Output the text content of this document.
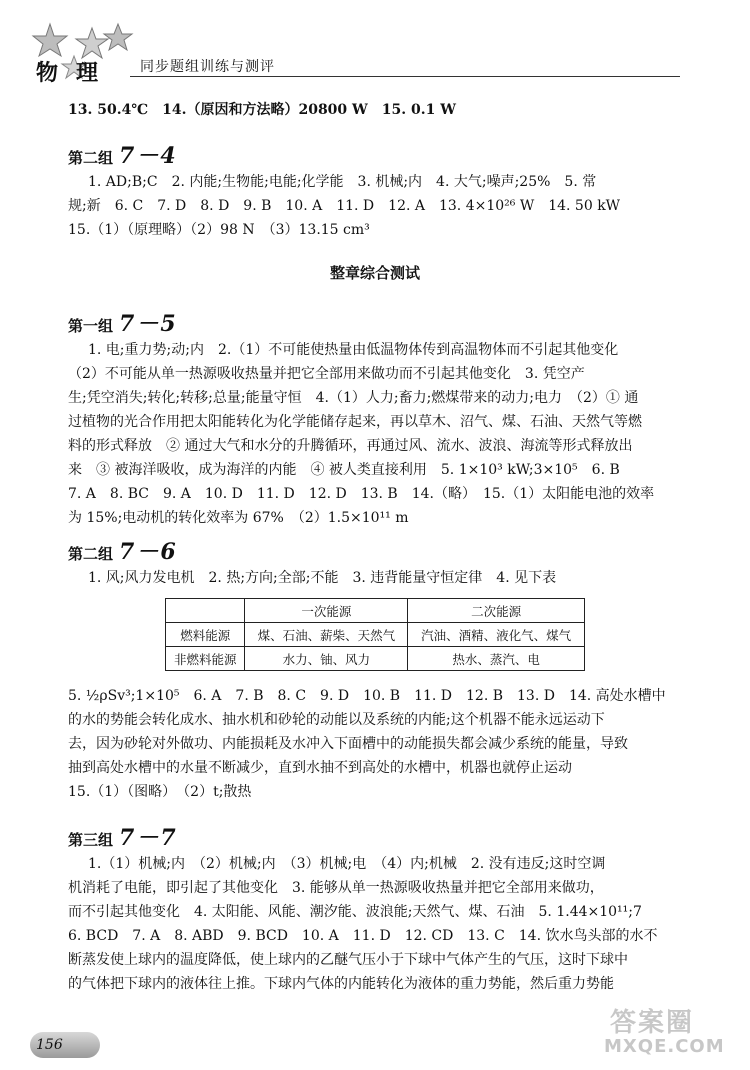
物理 同步题组训练与测评

13. 50.4℃　14.（原因和方法略）20800 W　15. 0.1 W

第二组 7－4

1. AD;B;C　2. 内能;生物能;电能;化学能　3. 机械;内　4. 大气;噪声;25%　5. 常

规;新　6. C　7. D　8. D　9. B　10. A　11. D　12. A　13. 4×10²⁶ W　14. 50 kW

15.（1）（原理略）（2）98 N　（3）13.15 cm³

整章综合测试

第一组 7－5

1. 电;重力势;动;内　2.（1）不可能使热量由低温物体传到高温物体而不引起其他变化

（2）不可能从单一热源吸收热量并把它全部用来做功而不引起其他变化　3. 凭空产

生;凭空消失;转化;转移;总量;能量守恒　4.（1）人力;畜力;燃煤带来的动力;电力　（2）① 通

过植物的光合作用把太阳能转化为化学能储存起来，再以草木、沼气、煤、石油、天然气等燃

料的形式释放　② 通过大气和水分的升腾循环，再通过风、流水、波浪、海流等形式释放出

来　③ 被海洋吸收，成为海洋的内能　④ 被人类直接利用　5. 1×10³ kW;3×10⁵　6. B

7. A　8. BC　9. A　10. D　11. D　12. D　13. B　14.（略）　15.（1）太阳能电池的效率

为 15%;电动机的转化效率为 67%　（2）1.5×10¹¹ m

第二组 7－6

1. 风;风力发电机　2. 热;方向;全部;不能　3. 违背能量守恒定律　4. 见下表

	一次能源	二次能源
燃料能源	煤、石油、薪柴、天然气	汽油、酒精、液化气、煤气
非燃料能源	水力、铀、风力	热水、蒸汽、电

5. ½ρSv³;1×10⁵　6. A　7. B　8. C　9. D　10. B　11. D　12. B　13. D　14. 高处水槽中

的水的势能会转化成水、抽水机和砂轮的动能以及系统的内能;这个机器不能永远运动下

去，因为砂轮对外做功、内能损耗及水冲入下面槽中的动能损失都会减少系统的能量，导致

抽到高处水槽中的水量不断减少，直到水抽不到高处的水槽中，机器也就停止运动

15.（1）（图略）　（2）t;散热

第三组 7－7

1.（1）机械;内　（2）机械;内　（3）机械;电　（4）内;机械　2. 没有违反;这时空调

机消耗了电能，即引起了其他变化　3. 能够从单一热源吸收热量并把它全部用来做功，

而不引起其他变化　4. 太阳能、风能、潮汐能、波浪能;天然气、煤、石油　5. 1.44×10¹¹;7

6. BCD　7. A　8. ABD　9. BCD　10. A　11. D　12. CD　13. C　14. 饮水鸟头部的水不

断蒸发使上球内的温度降低，使上球内的乙醚气压小于下球中气体产生的气压，这时下球中

的气体把下球内的液体往上推。下球内气体的内能转化为液体的重力势能，然后重力势能

156
答案圈
MXQE.COM
